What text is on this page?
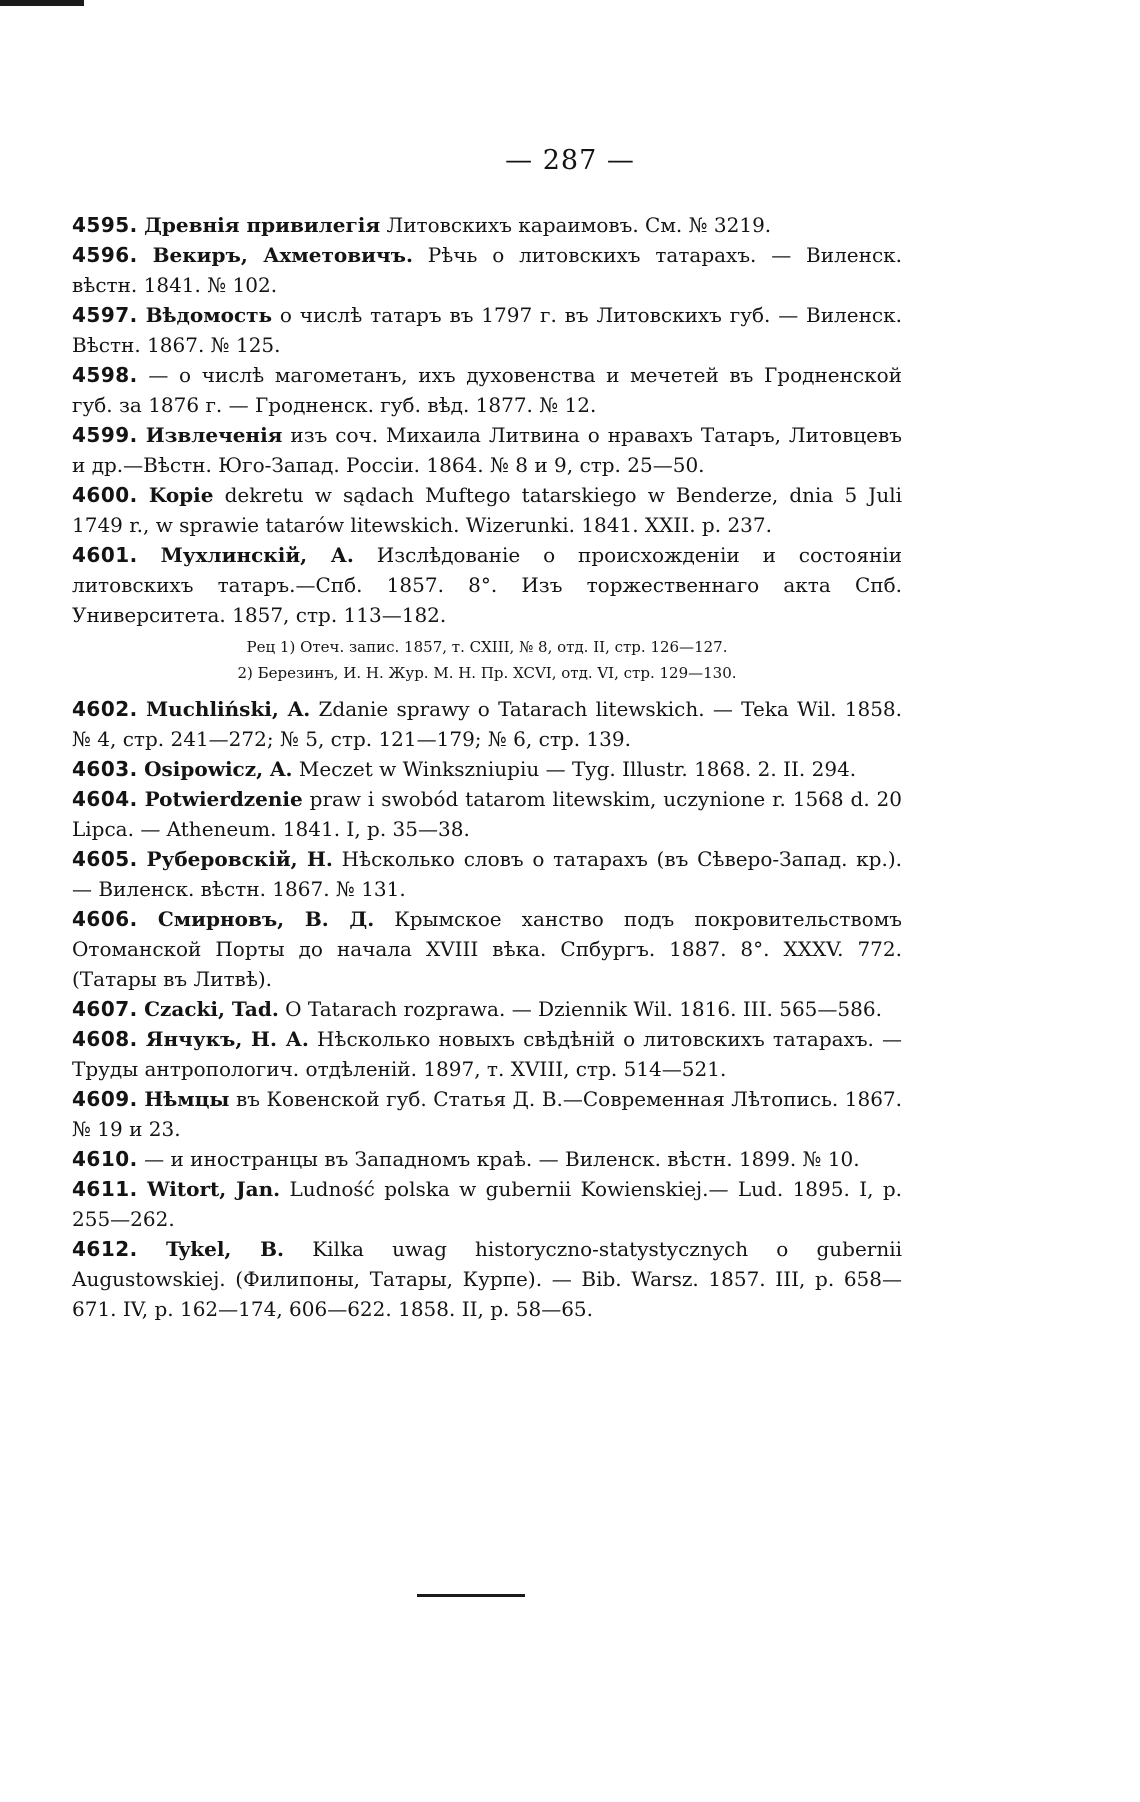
— 287 —

4595. Древнія привилегія Литовскихъ караимовъ. См. № 3219.

4596. Векиръ, Ахметовичъ. Рѣчь о литовскихъ татарахъ. — Виленск. вѣстн. 1841. № 102.

4597. Вѣдомость о числѣ татаръ въ 1797 г. въ Литовскихъ губ. — Виленск. Вѣстн. 1867. № 125.

4598. — о числѣ магометанъ, ихъ духовенства и мечетей въ Гродненской губ. за 1876 г. — Гродненск. губ. вѣд. 1877. № 12.

4599. Извлеченія изъ соч. Михаила Литвина о нравахъ Татаръ, Литовцевъ и др.—Вѣстн. Юго-Запад. Россіи. 1864. № 8 и 9, стр. 25—50.

4600. Kopie dekretu w sądach Muftego tatarskiego w Benderze, dnia 5 Juli 1749 r., w sprawie tatarów litewskich. Wizerunki. 1841. XXII. p. 237.

4601. Мухлинскій, А. Изслѣдованіе о происхожденіи и состояніи литовскихъ татаръ.—Спб. 1857. 8°. Изъ торжественнаго акта Спб. Университета. 1857, стр. 113—182.

Рец 1) Отеч. запис. 1857, т. CXIII, № 8, отд. II, стр. 126—127.
2) Березинъ, И. Н. Жур. М. Н. Пр. XCVI, отд. VI, стр. 129—130.

4602. Muchliński, A. Zdanie sprawy o Tatarach litewskich. — Teka Wil. 1858. № 4, стр. 241—272; № 5, стр. 121—179; № 6, стр. 139.

4603. Osipowicz, A. Meczet w Winkszniupiu — Tyg. Illustr. 1868. 2. II. 294.

4604. Potwierdzenie praw i swobód tatarom litewskim, uczynione r. 1568 d. 20 Lipca. — Atheneum. 1841. I, p. 35—38.

4605. Руберовскій, Н. Нѣсколько словъ о татарахъ (въ Сѣверо-Запад. кр.). — Виленск. вѣстн. 1867. № 131.

4606. Смирновъ, В. Д. Крымское ханство подъ покровительствомъ Отоманской Порты до начала XVIII вѣка. Спбургъ. 1887. 8°. XXXV. 772. (Татары въ Литвѣ).

4607. Czacki, Tad. O Tatarach rozprawa. — Dziennik Wil. 1816. III. 565—586.

4608. Янчукъ, Н. А. Нѣсколько новыхъ свѣдѣній о литовскихъ татарахъ. — Труды антропологич. отдѣленій. 1897, т. XVIII, стр. 514—521.

4609. Нѣмцы въ Ковенской губ. Статья Д. В.—Современная Лѣтопись. 1867. № 19 и 23.

4610. — и иностранцы въ Западномъ краѣ. — Виленск. вѣстн. 1899. № 10.

4611. Witort, Jan. Ludność polska w gubernii Kowienskiej.— Lud. 1895. I, p. 255—262.

4612. Tykel, B. Kilka uwag historyczno-statystycznych o gubernii Augustowskiej. (Филипоны, Татары, Курпе). — Bib. Warsz. 1857. III, p. 658—671. IV, p. 162—174, 606—622. 1858. II, p. 58—65.
